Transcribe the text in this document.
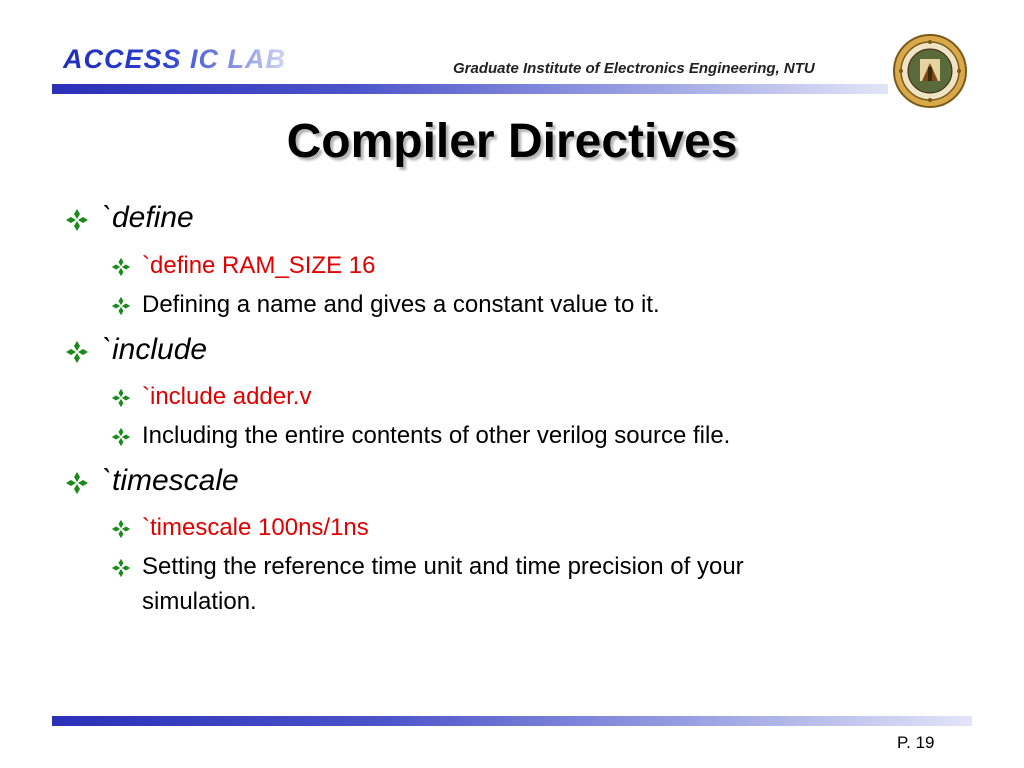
ACCESS IC LAB	Graduate Institute of Electronics Engineering, NTU
Compiler Directives
`define
`define RAM_SIZE 16
Defining a name and gives a constant value to it.
`include
`include adder.v
Including the entire contents of other verilog source file.
`timescale
`timescale 100ns/1ns
Setting the reference time unit and time precision of your
simulation.
P. 19
